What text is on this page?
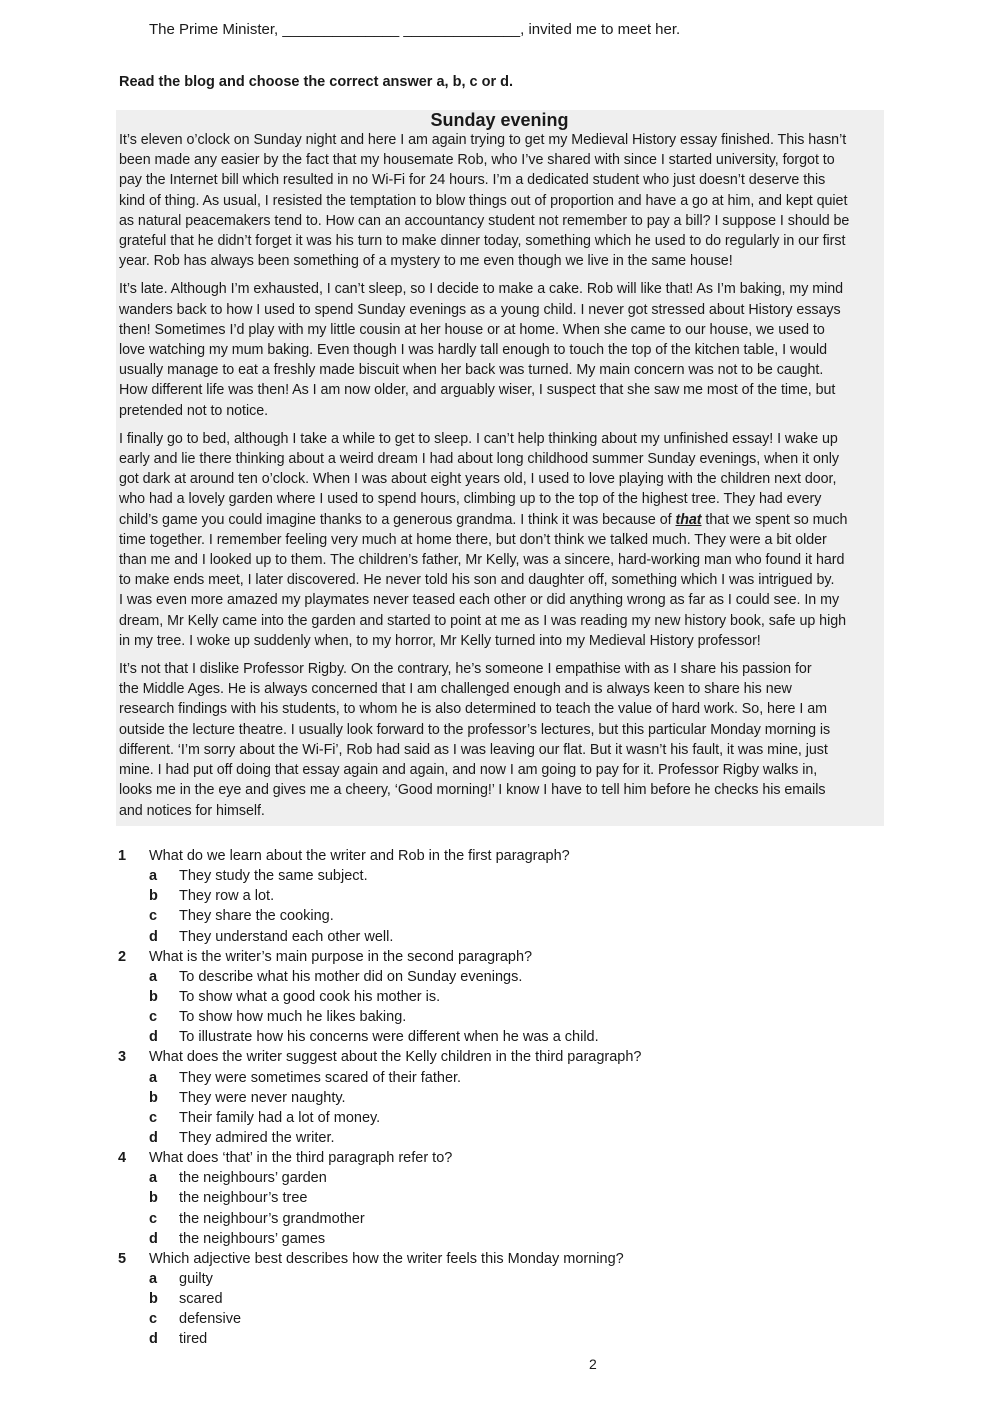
The Prime Minister, ______________ ______________, invited me to meet her.
Read the blog and choose the correct answer a, b, c or d.
Sunday evening

It’s eleven o’clock on Sunday night and here I am again trying to get my Medieval History essay finished. This hasn’t
been made any easier by the fact that my housemate Rob, who I’ve shared with since I started university, forgot to
pay the Internet bill which resulted in no Wi-Fi for 24 hours. I’m a dedicated student who just doesn’t deserve this
kind of thing. As usual, I resisted the temptation to blow things out of proportion and have a go at him, and kept quiet
as natural peacemakers tend to. How can an accountancy student not remember to pay a bill? I suppose I should be
grateful that he didn’t forget it was his turn to make dinner today, something which he used to do regularly in our first
year. Rob has always been something of a mystery to me even though we live in the same house!

It’s late. Although I’m exhausted, I can’t sleep, so I decide to make a cake. Rob will like that! As I’m baking, my mind
wanders back to how I used to spend Sunday evenings as a young child. I never got stressed about History essays
then! Sometimes I’d play with my little cousin at her house or at home. When she came to our house, we used to
love watching my mum baking. Even though I was hardly tall enough to touch the top of the kitchen table, I would
usually manage to eat a freshly made biscuit when her back was turned. My main concern was not to be caught.
How different life was then! As I am now older, and arguably wiser, I suspect that she saw me most of the time, but
pretended not to notice.

I finally go to bed, although I take a while to get to sleep. I can’t help thinking about my unfinished essay! I wake up
early and lie there thinking about a weird dream I had about long childhood summer Sunday evenings, when it only
got dark at around ten o’clock. When I was about eight years old, I used to love playing with the children next door,
who had a lovely garden where I used to spend hours, climbing up to the top of the highest tree. They had every
child’s game you could imagine thanks to a generous grandma. I think it was because of that that we spent so much
time together. I remember feeling very much at home there, but don’t think we talked much. They were a bit older
than me and I looked up to them. The children’s father, Mr Kelly, was a sincere, hard-working man who found it hard
to make ends meet, I later discovered. He never told his son and daughter off, something which I was intrigued by.
I was even more amazed my playmates never teased each other or did anything wrong as far as I could see. In my
dream, Mr Kelly came into the garden and started to point at me as I was reading my new history book, safe up high
in my tree. I woke up suddenly when, to my horror, Mr Kelly turned into my Medieval History professor!

It’s not that I dislike Professor Rigby. On the contrary, he’s someone I empathise with as I share his passion for
the Middle Ages. He is always concerned that I am challenged enough and is always keen to share his new
research findings with his students, to whom he is also determined to teach the value of hard work. So, here I am
outside the lecture theatre. I usually look forward to the professor’s lectures, but this particular Monday morning is
different. ‘I’m sorry about the Wi-Fi’, Rob had said as I was leaving our flat. But it wasn’t his fault, it was mine, just
mine. I had put off doing that essay again and again, and now I am going to pay for it. Professor Rigby walks in,
looks me in the eye and gives me a cheery, ‘Good morning!’ I know I have to tell him before he checks his emails
and notices for himself.

1	What do we learn about the writer and Rob in the first paragraph?
a	They study the same subject.
b	They row a lot.
c	They share the cooking.
d	They understand each other well.
2	What is the writer’s main purpose in the second paragraph?
a	To describe what his mother did on Sunday evenings.
b	To show what a good cook his mother is.
c	To show how much he likes baking.
d	To illustrate how his concerns were different when he was a child.
3	What does the writer suggest about the Kelly children in the third paragraph?
a	They were sometimes scared of their father.
b	They were never naughty.
c	Their family had a lot of money.
d	They admired the writer.
4	What does ‘that’ in the third paragraph refer to?
a	the neighbours’ garden
b	the neighbour’s tree
c	the neighbour’s grandmother
d	the neighbours’ games
5	Which adjective best describes how the writer feels this Monday morning?
a	guilty
b	scared
c	defensive
d	tired
2
